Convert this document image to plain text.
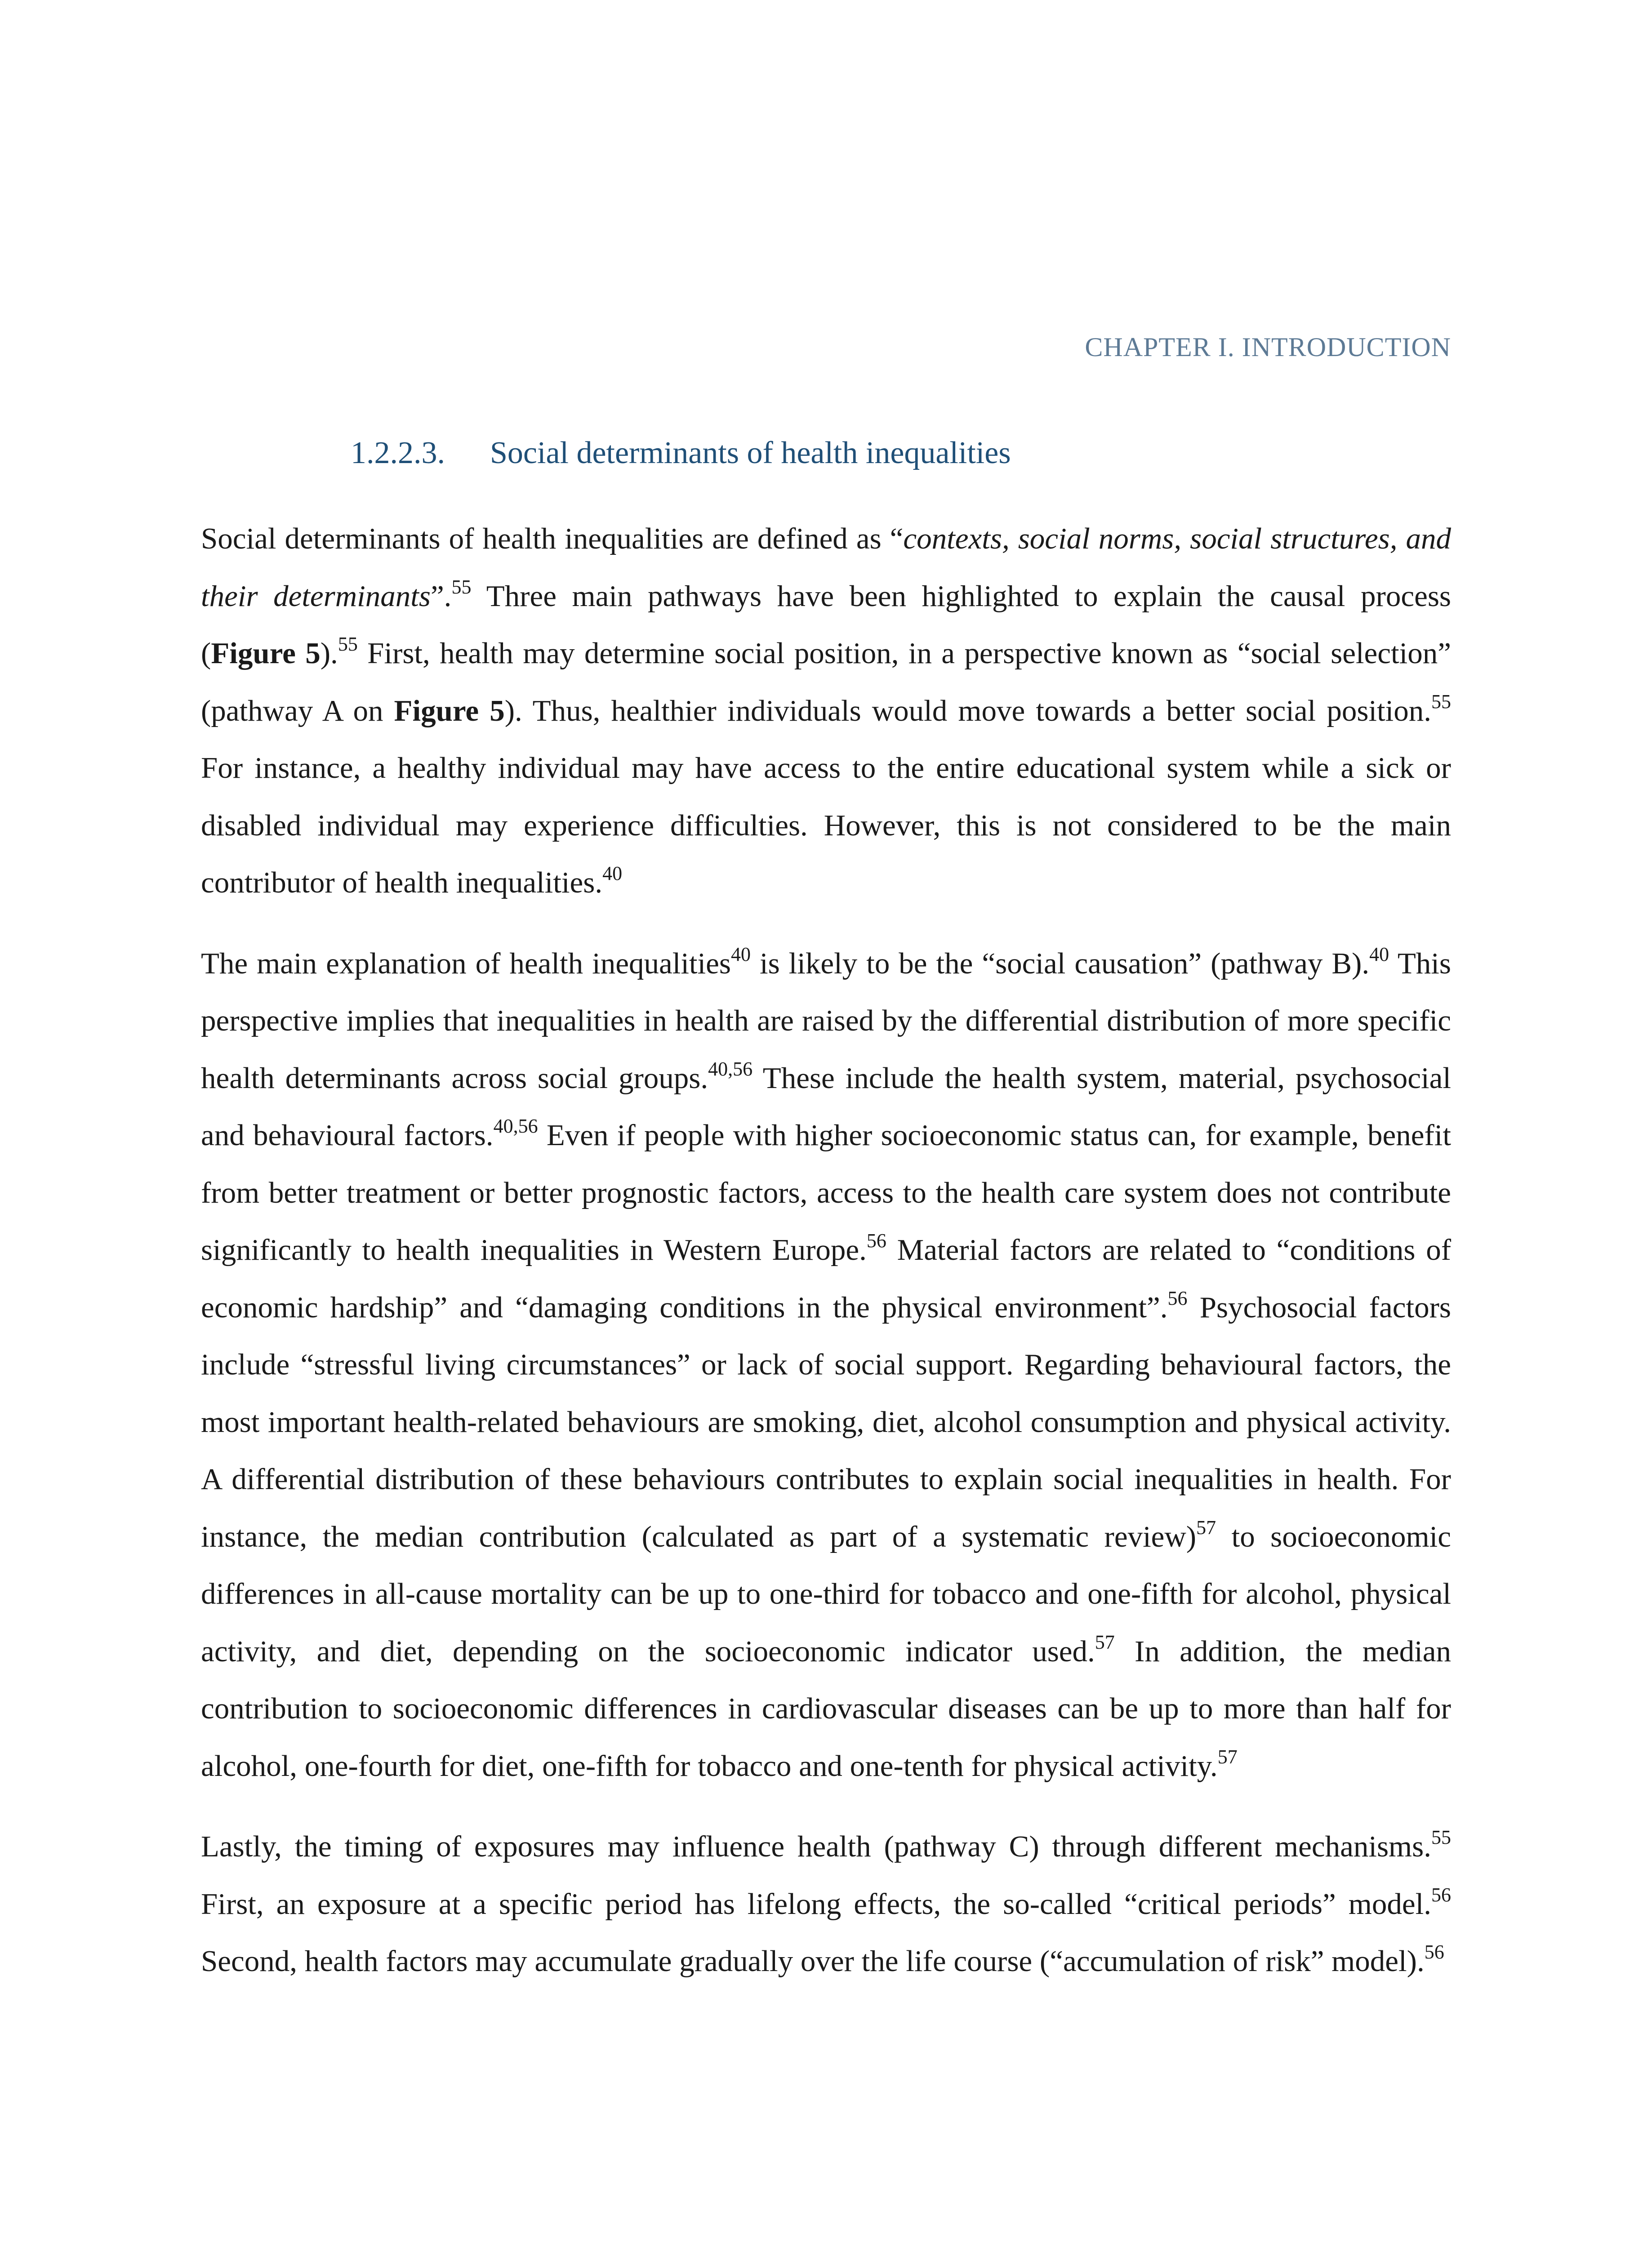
CHAPTER I. INTRODUCTION
1.2.2.3. Social determinants of health inequalities

Social determinants of health inequalities are defined as “contexts, social norms, social structures, and their determinants”.$^{55}$ Three main pathways have been highlighted to explain the causal process (Figure 5).$^{55}$ First, health may determine social position, in a perspective known as “social selection” (pathway A on Figure 5). Thus, healthier individuals would move towards a better social position.$^{55}$ For instance, a healthy individual may have access to the entire educational system while a sick or disabled individual may experience difficulties. However, this is not considered to be the main contributor of health inequalities.$^{40}$

The main explanation of health inequalities$^{40}$ is likely to be the “social causation” (pathway B).$^{40}$ This perspective implies that inequalities in health are raised by the differential distribution of more specific health determinants across social groups.$^{40,56}$ These include the health system, material, psychosocial and behavioural factors.$^{40,56}$ Even if people with higher socioeconomic status can, for example, benefit from better treatment or better prognostic factors, access to the health care system does not contribute significantly to health inequalities in Western Europe.$^{56}$ Material factors are related to “conditions of economic hardship” and “damaging conditions in the physical environment”.$^{56}$ Psychosocial factors include “stressful living circumstances” or lack of social support. Regarding behavioural factors, the most important health-related behaviours are smoking, diet, alcohol consumption and physical activity. A differential distribution of these behaviours contributes to explain social inequalities in health. For instance, the median contribution (calculated as part of a systematic review)$^{57}$ to socioeconomic differences in all-cause mortality can be up to one-third for tobacco and one-fifth for alcohol, physical activity, and diet, depending on the socioeconomic indicator used.$^{57}$ In addition, the median contribution to socioeconomic differences in cardiovascular diseases can be up to more than half for alcohol, one-fourth for diet, one-fifth for tobacco and one-tenth for physical activity.$^{57}$

Lastly, the timing of exposures may influence health (pathway C) through different mechanisms.$^{55}$ First, an exposure at a specific period has lifelong effects, the so-called “critical periods” model.$^{56}$ Second, health factors may accumulate gradually over the life course (“accumulation of risk” model).$^{56}$
